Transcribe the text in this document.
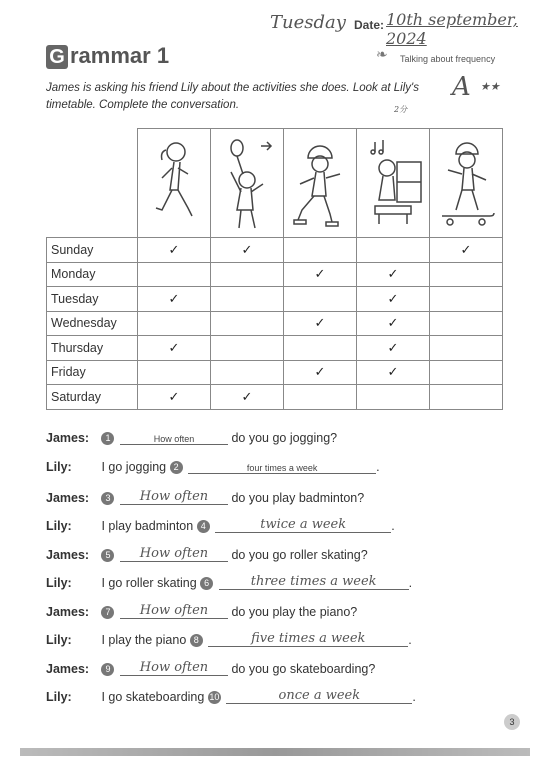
Tuesday Date: 10th september, 2024
G rammar 1	❧ Talking about frequency
A ★★
2分
James is asking his friend Lily about the activities she does. Look at Lily's timetable. Complete the conversation.

Sunday	✓	✓			✓
Monday			✓	✓	
Tuesday	✓			✓	
Wednesday			✓	✓	
Thursday	✓			✓	
Friday			✓	✓	
Saturday	✓	✓			
James: 1	How often	do you go jogging?
Lily: I go jogging 2	four times a week	.
James: 3 How often do you play badminton?
Lily: I play badminton 4	twice a week	.
James: 5 How often do you go roller skating?
Lily: I go roller skating 6	three times a week	.
James: 7 How often do you play the piano?
Lily: I play the piano 8	five times a week	.
James: 9 How often do you go skateboarding?
Lily: I go skateboarding 10	once a week	.
3
